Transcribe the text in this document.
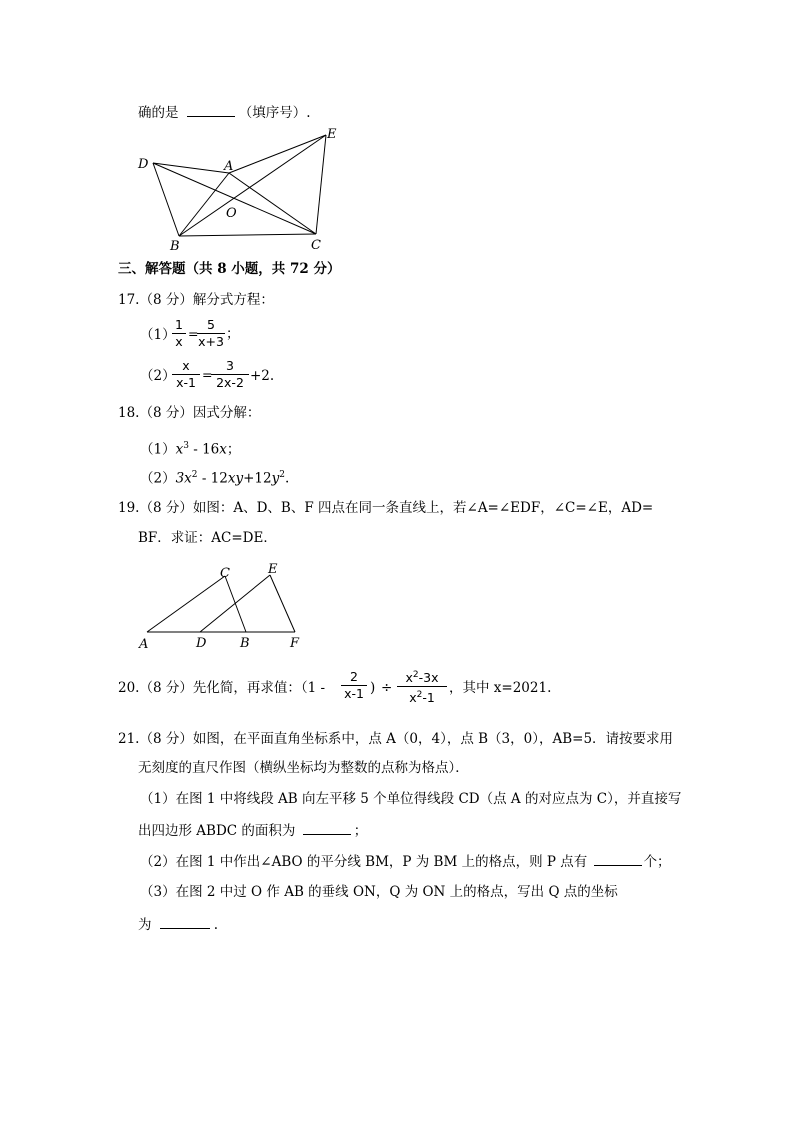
确的是	（填序号）.
D	A
E
O
B	C
三、解答题（共 8 小题，共 72 分）
17.（8 分）解分式方程：
（1）
1
x
=
5
x+3 ；
（2）
x
x-1
=
3
2x-2 +2.
18.（8 分）因式分解：
$(1)x^3 - 16x$；
$(2)3x^2 - 12xy+12y^2$.
19.（8 分）如图：A、D、B、F 四点在同一条直线上，若∠A=∠EDF，∠C=∠E，AD=
BF．求证：AC=DE．
C	E
A	D	B	F
20.（8 分）先化简，再求值：（1 -
2
x-1 ) ÷
$x^2-3x$
$x^2-1$
，其中 x=2021.
21.（8 分）如图，在平面直角坐标系中，点 A（0，4），点 B（3，0），AB=5．请按要求用
无刻度的直尺作图（横纵坐标均为整数的点称为格点）．
（1）在图 1 中将线段 AB 向左平移 5 个单位得线段 CD（点 A 的对应点为 C），并直接写
出四边形 ABDC 的面积为	；
（2）在图 1 中作出∠ABO 的平分线 BM，P 为 BM 上的格点，则 P 点有	个；
（3）在图 2 中过 O 作 AB 的垂线 ON，Q 为 ON 上的格点，写出 Q 点的坐标
为	.
